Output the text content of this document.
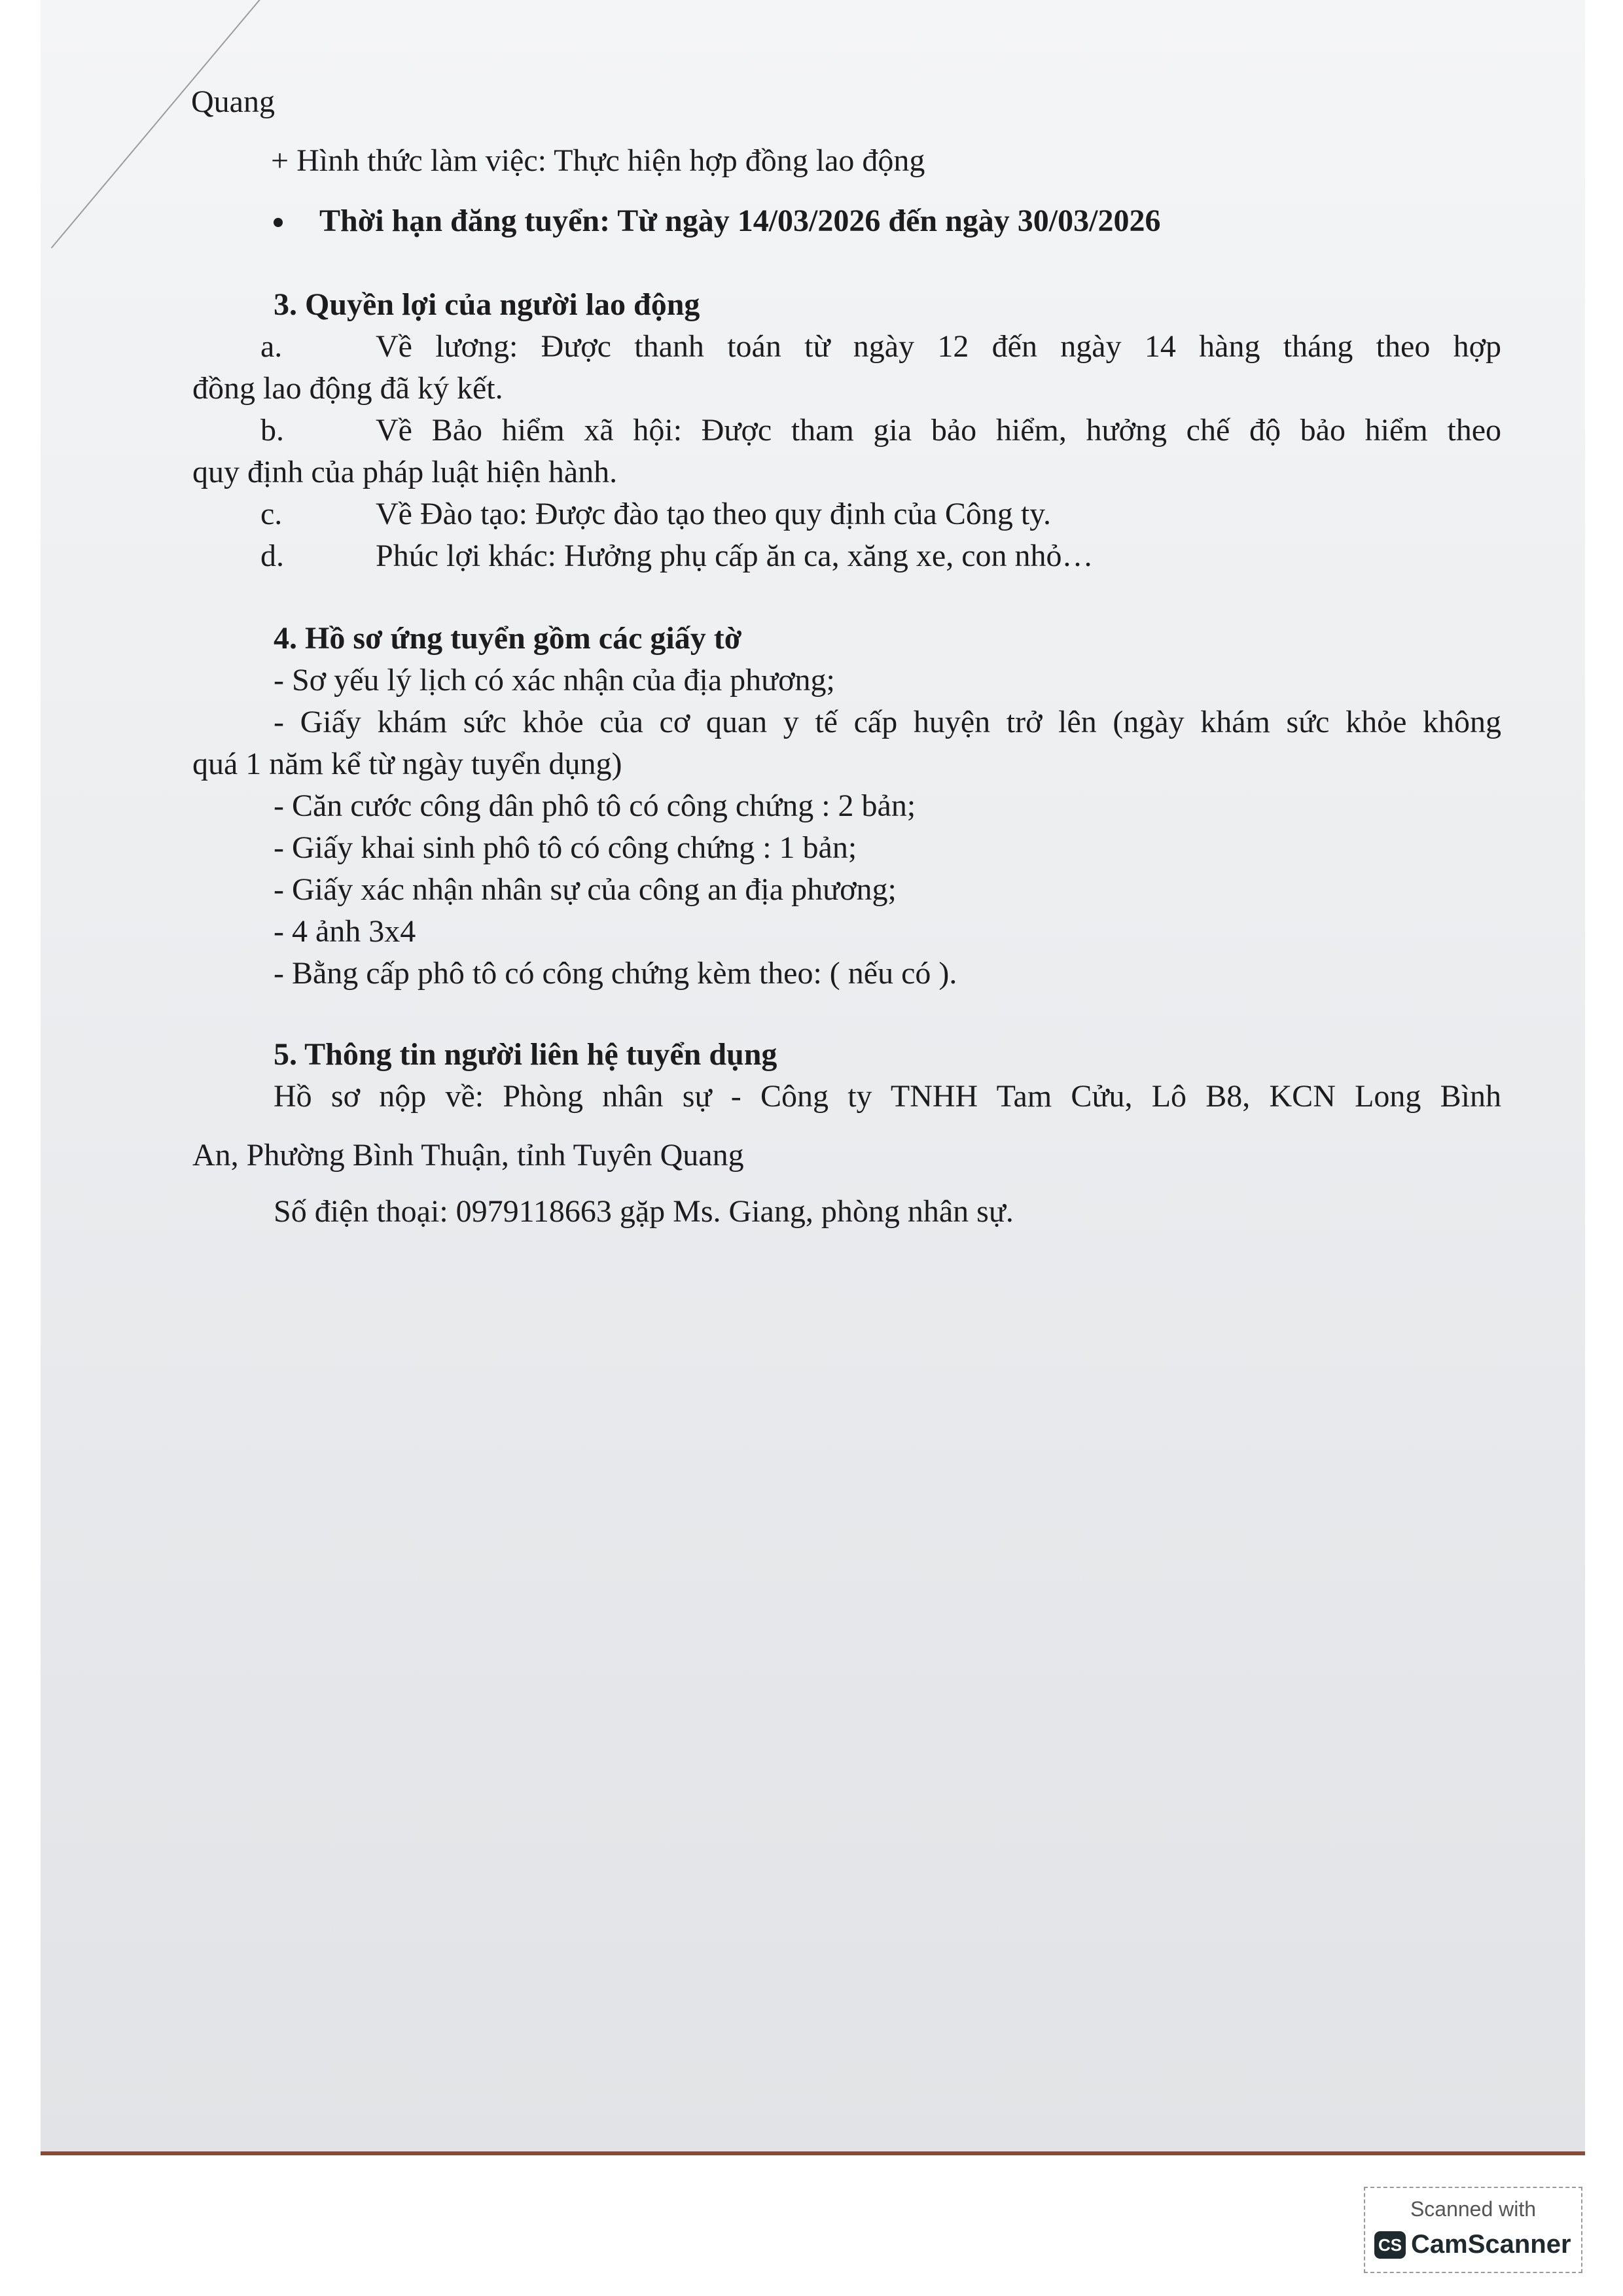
Quang
+ Hình thức làm việc: Thực hiện hợp đồng lao động
Thời hạn đăng tuyển: Từ ngày 14/03/2026 đến ngày 30/03/2026
3. Quyền lợi của người lao động
a.	Về lương: Được thanh toán từ ngày 12 đến ngày 14 hàng tháng theo hợp
đồng lao động đã ký kết.
b.	Về Bảo hiểm xã hội: Được tham gia bảo hiểm, hưởng chế độ bảo hiểm theo
quy định của pháp luật hiện hành.
c.	Về Đào tạo: Được đào tạo theo quy định của Công ty.
d.	Phúc lợi khác: Hưởng phụ cấp ăn ca, xăng xe, con nhỏ…
4. Hồ sơ ứng tuyển gồm các giấy tờ
- Sơ yếu lý lịch có xác nhận của địa phương;
- Giấy khám sức khỏe của cơ quan y tế cấp huyện trở lên (ngày khám sức khỏe không
quá 1 năm kể từ ngày tuyển dụng)
- Căn cước công dân phô tô có công chứng : 2 bản;
- Giấy khai sinh phô tô có công chứng : 1 bản;
- Giấy xác nhận nhân sự của công an địa phương;
- 4 ảnh 3x4
- Bằng cấp phô tô có công chứng kèm theo: ( nếu có ).
5. Thông tin người liên hệ tuyển dụng
Hồ sơ nộp về: Phòng nhân sự - Công ty TNHH Tam Cửu, Lô B8, KCN Long Bình
An, Phường Bình Thuận, tỉnh Tuyên Quang
Số điện thoại: 0979118663 gặp Ms. Giang, phòng nhân sự.
Scanned with
CS CamScanner
